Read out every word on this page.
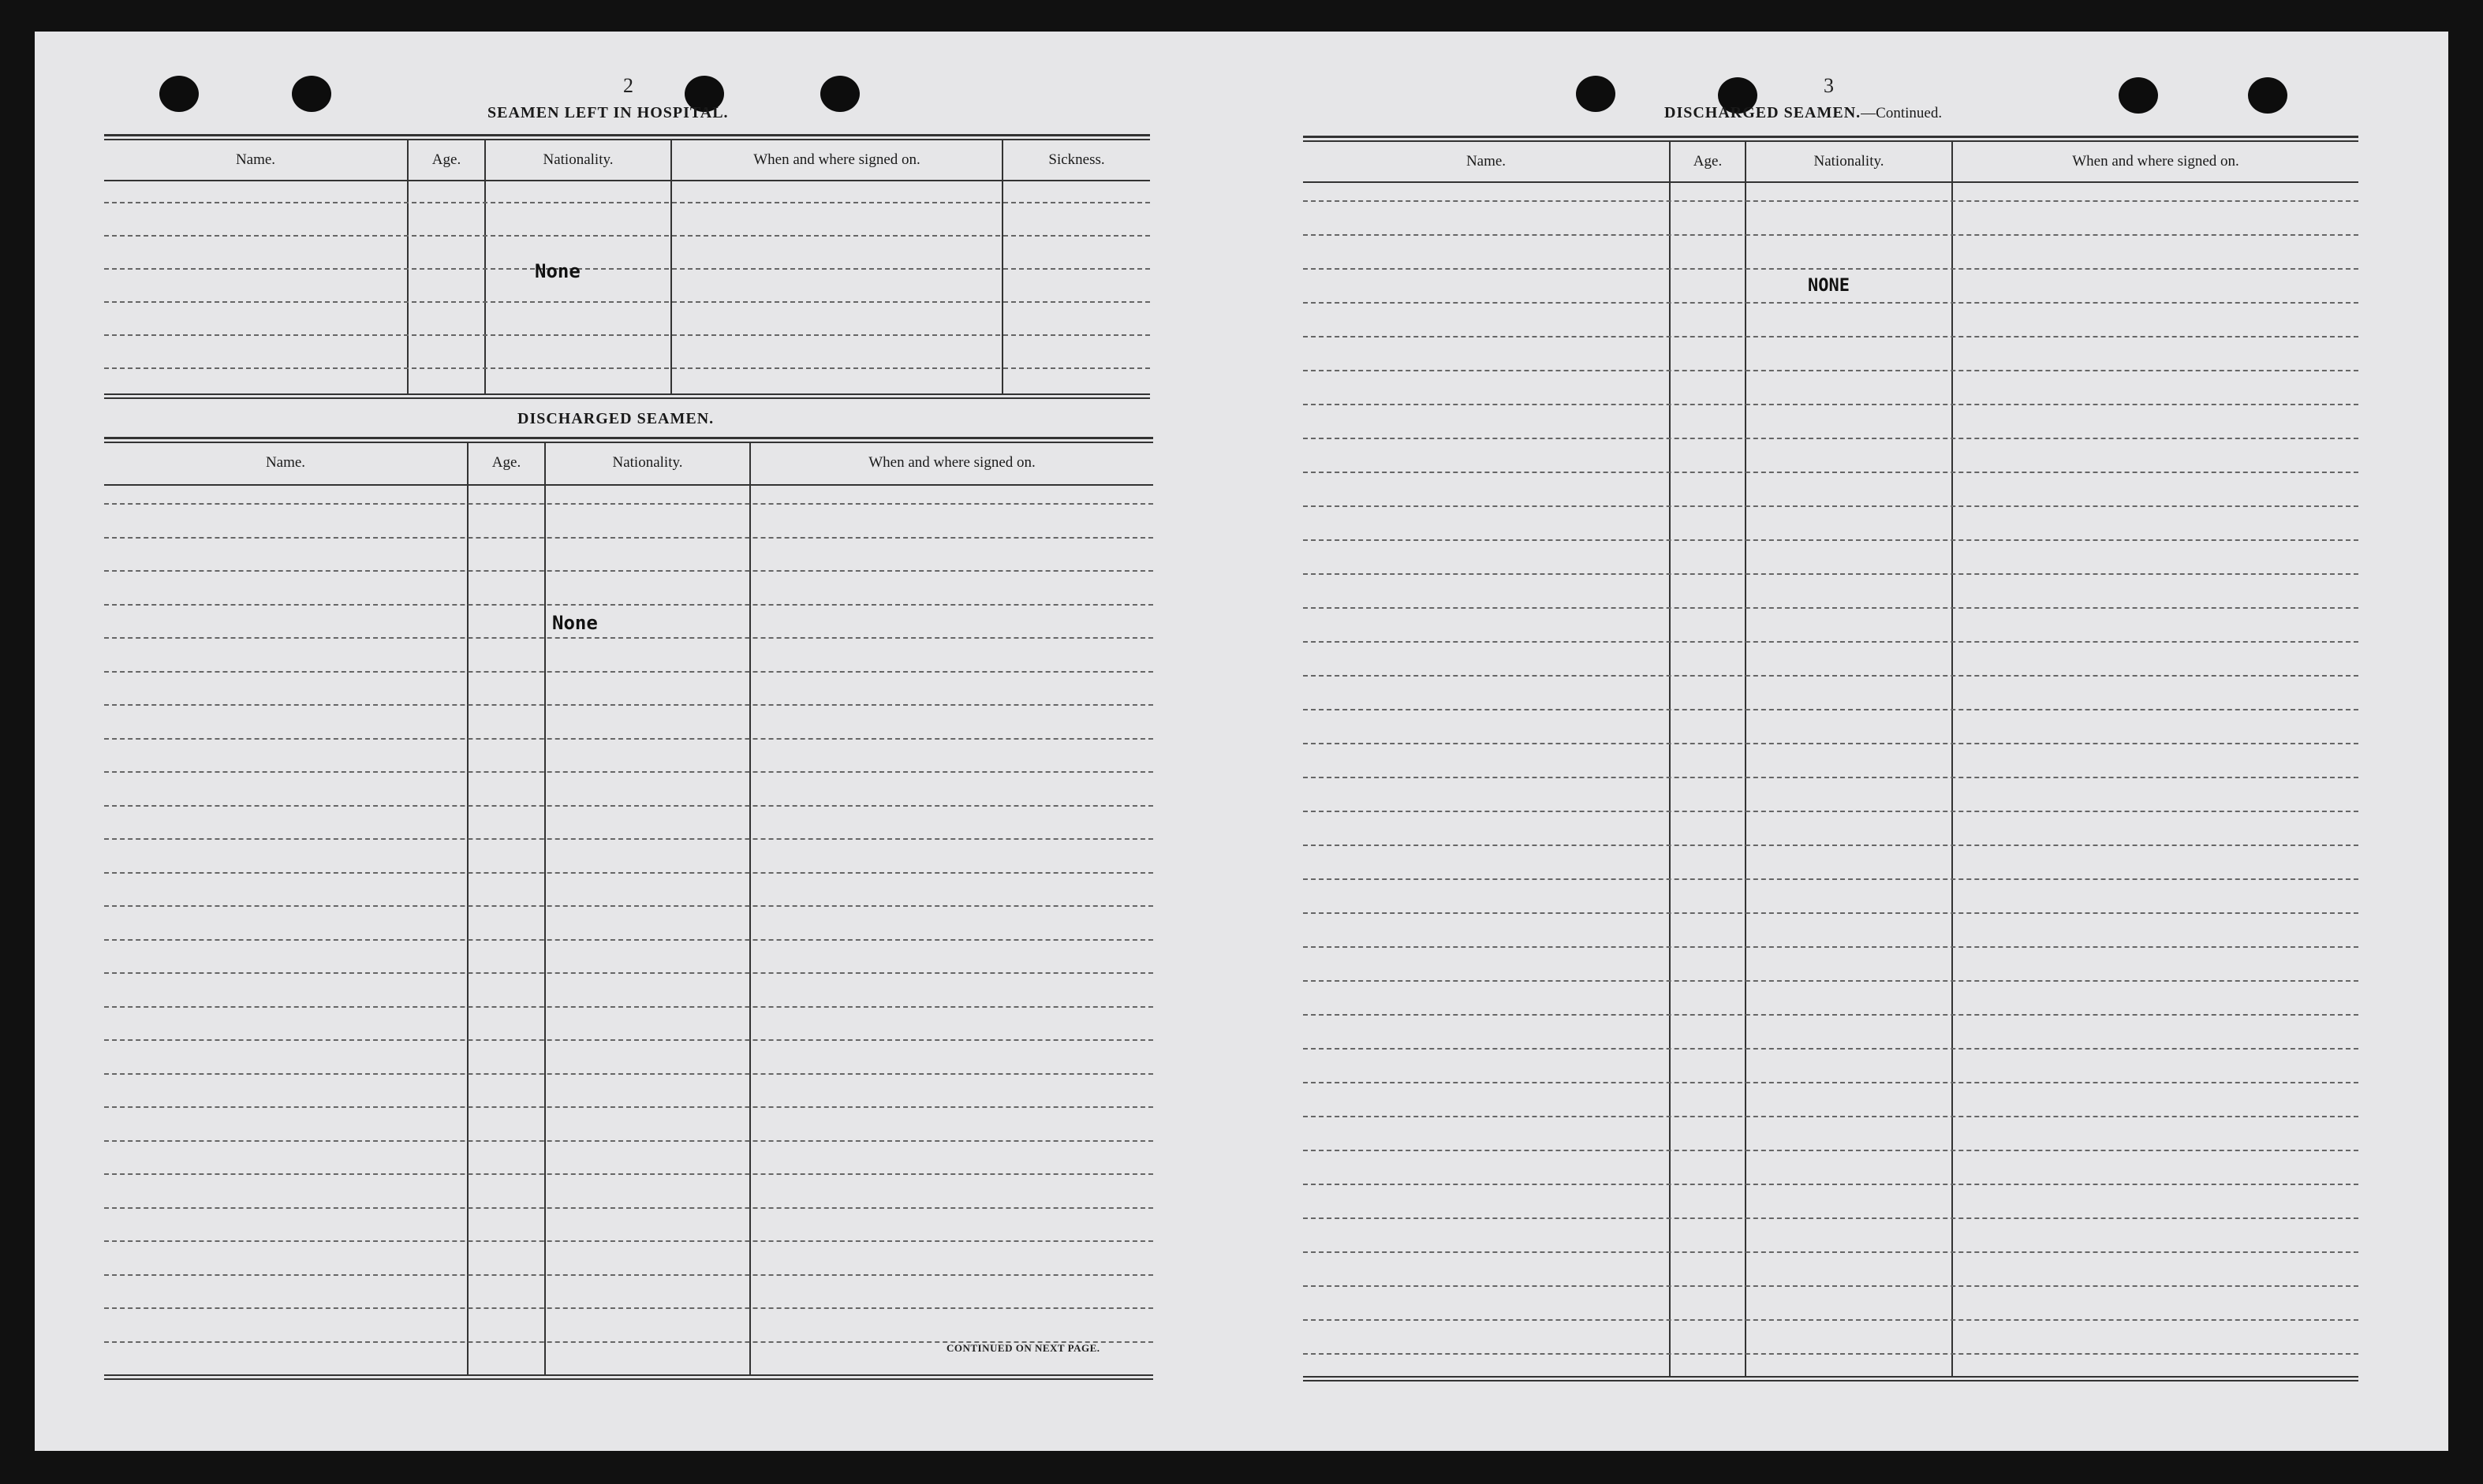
2
SEAMEN LEFT IN HOSPITAL.
Name.	Age.	Nationality.	When and where signed on.	Sickness.
None
DISCHARGED SEAMEN.
Name.	Age.	Nationality.	When and where signed on.
None
CONTINUED ON NEXT PAGE.
3
DISCHARGED SEAMEN.—Continued.
Name.	Age.	Nationality.	When and where signed on.
NONE
